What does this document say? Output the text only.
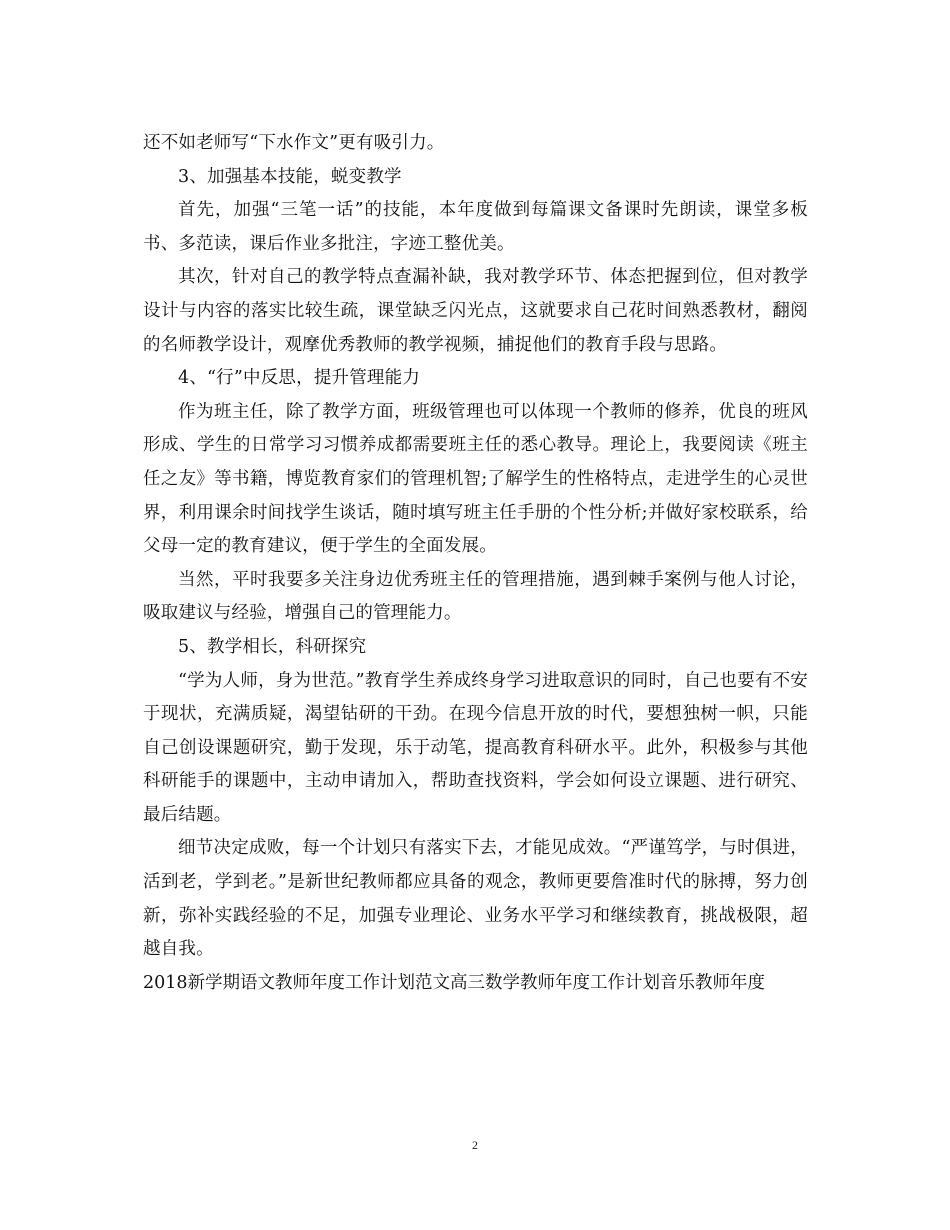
还不如老师写“下水作文”更有吸引力。

3、加强基本技能，蜕变教学

首先，加强“三笔一话”的技能，本年度做到每篇课文备课时先朗读，课堂多板书、多范读，课后作业多批注，字迹工整优美。

其次，针对自己的教学特点查漏补缺，我对教学环节、体态把握到位，但对教学设计与内容的落实比较生疏，课堂缺乏闪光点，这就要求自己花时间熟悉教材，翻阅的名师教学设计，观摩优秀教师的教学视频，捕捉他们的教育手段与思路。

4、“行”中反思，提升管理能力

作为班主任，除了教学方面，班级管理也可以体现一个教师的修养，优良的班风形成、学生的日常学习习惯养成都需要班主任的悉心教导。理论上，我要阅读《班主任之友》等书籍，博览教育家们的管理机智;了解学生的性格特点，走进学生的心灵世界，利用课余时间找学生谈话，随时填写班主任手册的个性分析;并做好家校联系，给父母一定的教育建议，便于学生的全面发展。

当然，平时我要多关注身边优秀班主任的管理措施，遇到棘手案例与他人讨论，吸取建议与经验，增强自己的管理能力。

5、教学相长，科研探究

“学为人师，身为世范。”教育学生养成终身学习进取意识的同时，自己也要有不安于现状，充满质疑，渴望钻研的干劲。在现今信息开放的时代，要想独树一帜，只能自己创设课题研究，勤于发现，乐于动笔，提高教育科研水平。此外，积极参与其他科研能手的课题中，主动申请加入，帮助查找资料，学会如何设立课题、进行研究、最后结题。

细节决定成败，每一个计划只有落实下去，才能见成效。“严谨笃学，与时俱进，活到老，学到老。”是新世纪教师都应具备的观念，教师更要詹准时代的脉搏，努力创新，弥补实践经验的不足，加强专业理论、业务水平学习和继续教育，挑战极限，超越自我。

2018新学期语文教师年度工作计划范文高三数学教师年度工作计划音乐教师年度

2
